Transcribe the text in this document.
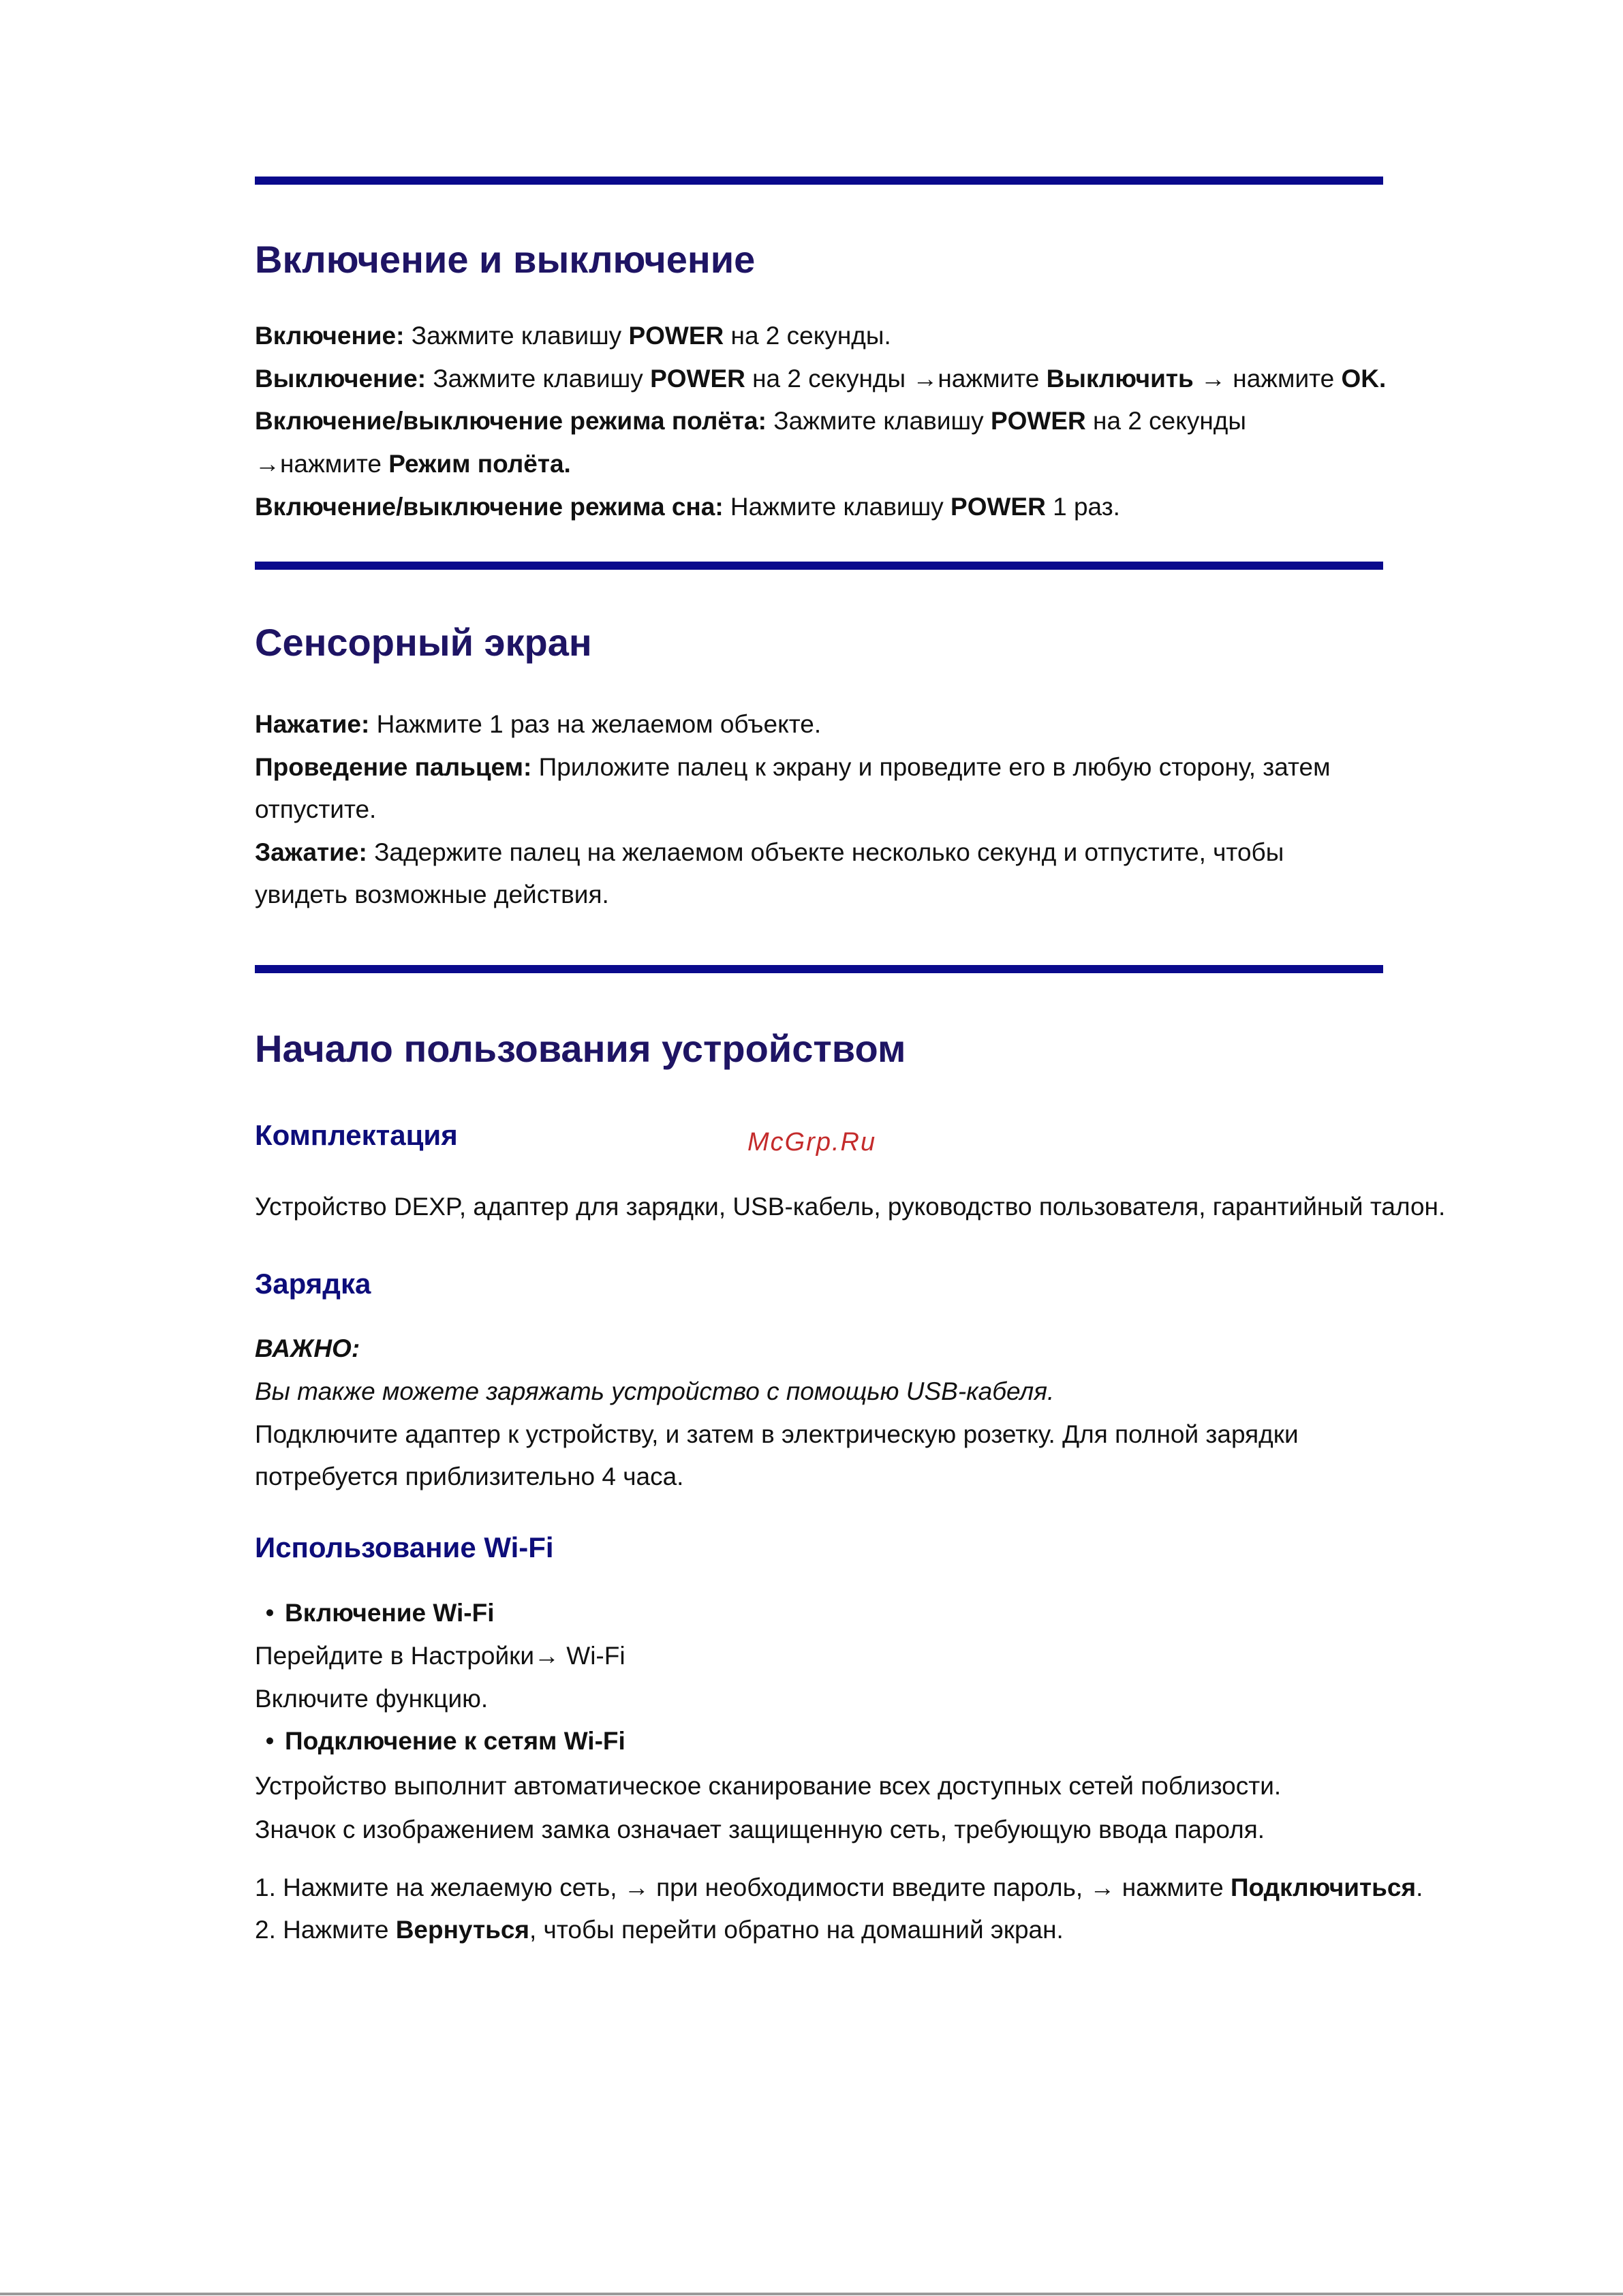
Включение и выключение

Включение: Зажмите клавишу POWER на 2 секунды.

Выключение: Зажмите клавишу POWER на 2 секунды →нажмите Выключить → нажмите OK.

Включение/выключение режима полёта: Зажмите клавишу POWER на 2 секунды

→нажмите Режим полёта.

Включение/выключение режима сна: Нажмите клавишу POWER 1 раз.

Сенсорный экран

Нажатие: Нажмите 1 раз на желаемом объекте.

Проведение пальцем: Приложите палец к экрану и проведите его в любую сторону, затем

отпустите.

Зажатие: Задержите палец на желаемом объекте несколько секунд и отпустите, чтобы

увидеть возможные действия.

Начало пользования устройством
Комплектация	McGrp.Ru

Устройство DEXP, адаптер для зарядки, USB-кабель, руководство пользователя, гарантийный талон.

Зарядка

ВАЖНО:

Вы также можете заряжать устройство с помощью USB-кабеля.

Подключите адаптер к устройству, и затем в электрическую розетку. Для полной зарядки

потребуется приблизительно 4 часа.

Использование Wi-Fi

• Включение Wi-Fi

Перейдите в Настройки→ Wi-Fi

Включите функцию.

• Подключение к сетям Wi-Fi

Устройство выполнит автоматическое сканирование всех доступных сетей поблизости.

Значок с изображением замка означает защищенную сеть, требующую ввода пароля.

1. Нажмите на желаемую сеть, → при необходимости введите пароль, → нажмите Подключиться.

2. Нажмите Вернуться, чтобы перейти обратно на домашний экран.
